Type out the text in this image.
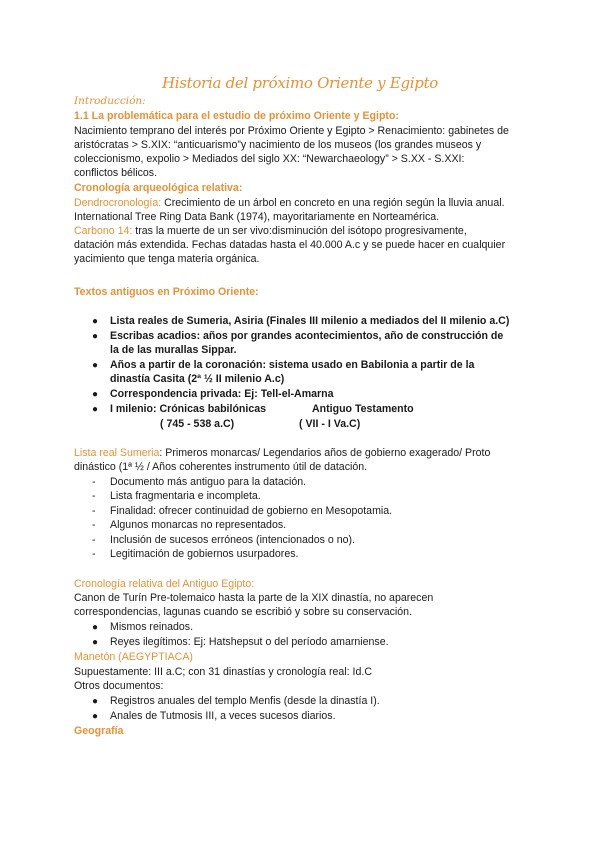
Historia del próximo Oriente y Egipto
Introducción:
1.1 La problemática para el estudio de próximo Oriente y Egipto:
Nacimiento temprano del interés por Próximo Oriente y Egipto > Renacimiento: gabinetes de
aristócratas > S.XIX: “anticuarismo”y nacimiento de los museos (los grandes museos y
coleccionismo, expolio > Mediados del siglo XX: “Newarchaeology” > S.XX - S.XXI:
conflictos bélicos.
Cronología arqueológica relativa:
Dendrocronología: Crecimiento de un árbol en concreto en una región según la lluvia anual.
International Tree Ring Data Bank (1974), mayoritariamente en Norteamérica.
Carbono 14: tras la muerte de un ser vivo:disminución del isótopo progresivamente,
datación más extendida. Fechas datadas hasta el 40.000 A.c y se puede hacer en cualquier
yacimiento que tenga materia orgánica.
Textos antiguos en Próximo Oriente:
● Lista reales de Sumeria, Asiria (Finales III milenio a mediados del II milenio a.C)
● Escribas acadios: años por grandes acontecimientos, año de construcción de
la de las murallas Sippar.
● Años a partir de la coronación: sistema usado en Babilonia a partir de la
dinastía Casita (2ª ½ II milenio A.c)
● Correspondencia privada: Ej: Tell-el-Amarna
● I milenio: Crónicas babilónicas	Antiguo Testamento
( 745 - 538 a.C)	( VII - I Va.C)
Lista real Sumeria: Primeros monarcas/ Legendarios años de gobierno exagerado/ Proto
dinástico (1ª ½ / Años coherentes instrumento útil de datación.
- Documento más antiguo para la datación.
- Lista fragmentaria e incompleta.
- Finalidad: ofrecer continuidad de gobierno en Mesopotamia.
- Algunos monarcas no representados.
- Inclusión de sucesos erróneos (intencionados o no).
- Legitimación de gobiernos usurpadores.
Cronología relativa del Antiguo Egipto:
Canon de Turín Pre-tolemaico hasta la parte de la XIX dinastía, no aparecen
correspondencias, lagunas cuando se escribió y sobre su conservación.
● Mismos reinados.
● Reyes ilegítimos: Ej: Hatshepsut o del período amarniense.
Manetón (AEGYPTIACA)
Supuestamente: III a.C; con 31 dinastías y cronología real: Id.C
Otros documentos:
● Registros anuales del templo Menfis (desde la dinastía I).
● Anales de Tutmosis III, a veces sucesos diarios.
Geografía
